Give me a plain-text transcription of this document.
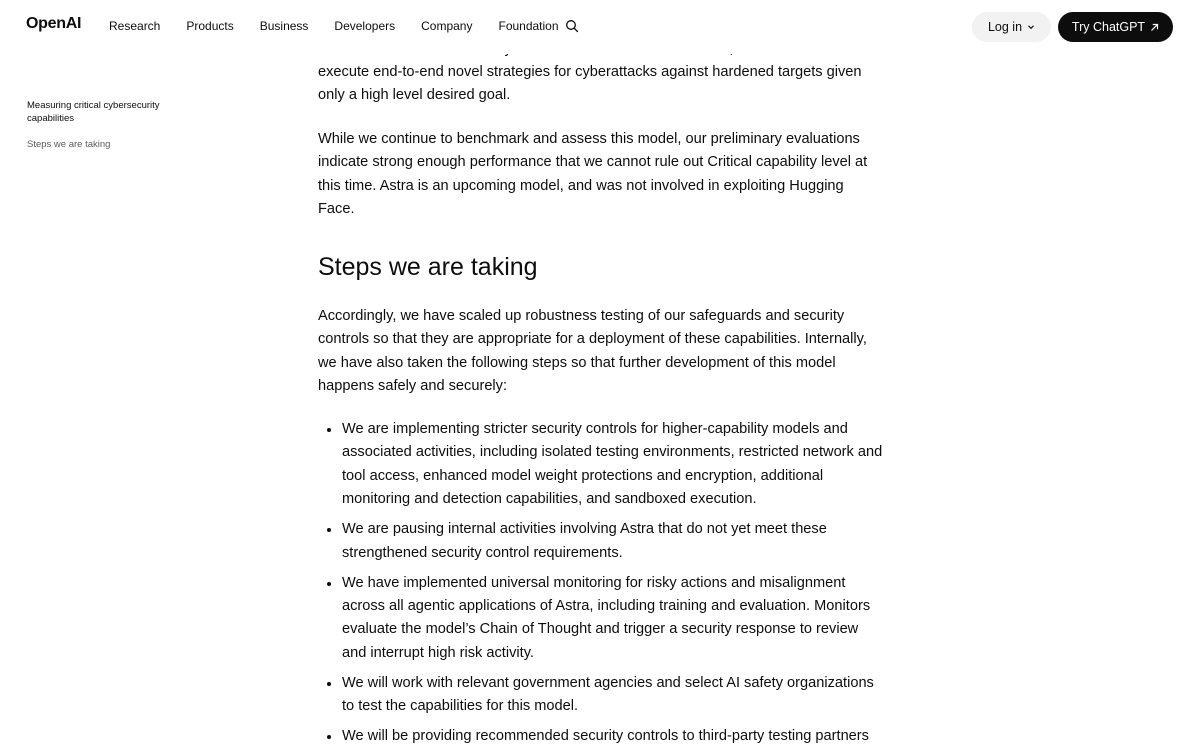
execute end-to-end novel strategies for cyberattacks against hardened targets given only a high level desired goal.

While we continue to benchmark and assess this model, our preliminary evaluations indicate strong enough performance that we cannot rule out Critical capability level at this time. Astra is an upcoming model, and was not involved in exploiting Hugging Face.

Steps we are taking

Accordingly, we have scaled up robustness testing of our safeguards and security controls so that they are appropriate for a deployment of these capabilities. Internally, we have also taken the following steps so that further development of this model happens safely and securely:

We are implementing stricter security controls for higher-capability models and associated activities, including isolated testing environments, restricted network and tool access, enhanced model weight protections and encryption, additional monitoring and detection capabilities, and sandboxed execution.
We are pausing internal activities involving Astra that do not yet meet these strengthened security control requirements.
We have implemented universal monitoring for risky actions and misalignment across all agentic applications of Astra, including training and evaluation. Monitors evaluate the model’s Chain of Thought and trigger a security response to review and interrupt high risk activity.
We will work with relevant government agencies and select AI safety organizations to test the capabilities for this model.
We will be providing recommended security controls to third-party testing partners
OpenAI Research Products Business Developers Company Foundation	Log in	Try ChatGPT
Measuring critical cybersecurity capabilities
Steps we are taking
